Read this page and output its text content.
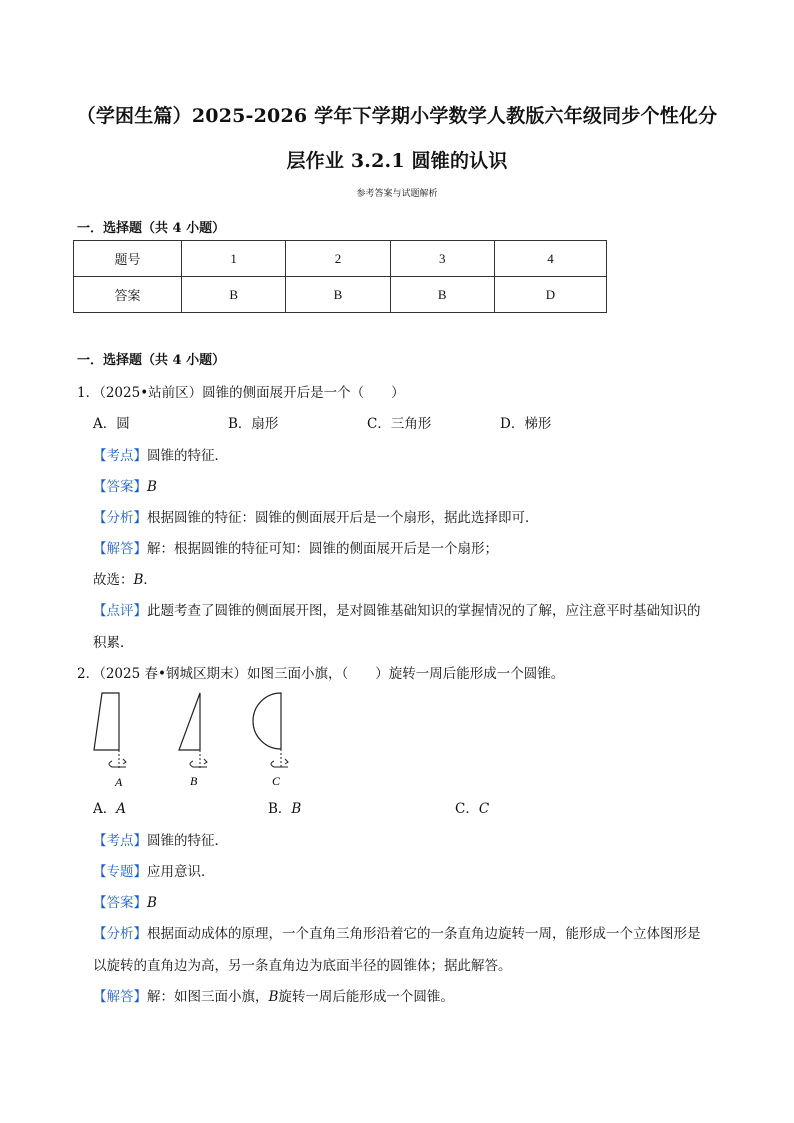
（学困生篇）2025-2026 学年下学期小学数学人教版六年级同步个性化分
层作业 3.2.1 圆锥的认识
参考答案与试题解析
一．选择题（共 4 小题）
题号	1	2	3	4
答案	B	B	B	D
一．选择题（共 4 小题）
1．（2025•站前区）圆锥的侧面展开后是一个（　　）
A．圆	B．扇形	C．三角形	D．梯形
【考点】圆锥的特征．
【答案】B
【分析】根据圆锥的特征：圆锥的侧面展开后是一个扇形，据此选择即可．
【解答】解：根据圆锥的特征可知：圆锥的侧面展开后是一个扇形；
故选：B．
【点评】此题考查了圆锥的侧面展开图，是对圆锥基础知识的掌握情况的了解，应注意平时基础知识的
积累．
2．（2025 春•钢城区期末）如图三面小旗，（　　）旋转一周后能形成一个圆锥。
A	B	C
A．A	B．B	C．C
【考点】圆锥的特征．
【专题】应用意识．
【答案】B
【分析】根据面动成体的原理，一个直角三角形沿着它的一条直角边旋转一周，能形成一个立体图形是
以旋转的直角边为高，另一条直角边为底面半径的圆锥体；据此解答。
【解答】解：如图三面小旗，B旋转一周后能形成一个圆锥。
